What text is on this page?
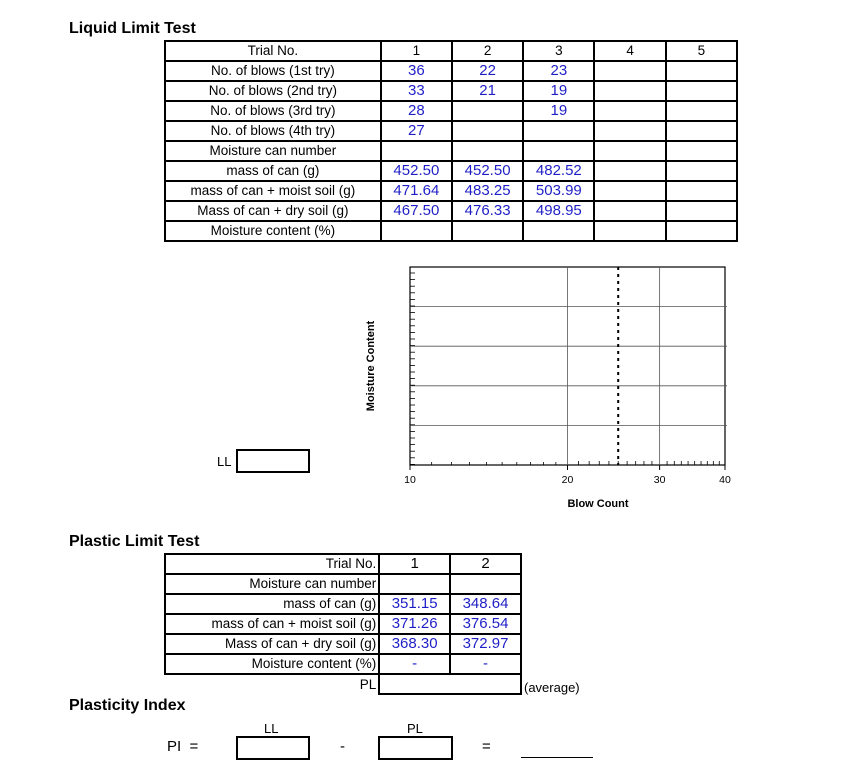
Liquid Limit Test
Trial No.	1	2	3	4	5
No. of blows (1st try)	36	22	23		
No. of blows (2nd try)	33	21	19		
No. of blows (3rd try)	28		19		
No. of blows (4th try)	27				
Moisture can number					
mass of can (g)	452.50	452.50	482.52		
mass of can + moist soil (g)	471.64	483.25	503.99		
Mass of can + dry soil (g)	467.50	476.33	498.95		
Moisture content (%)					
LL
10	20	30	40
Blow Count
Moisture Content
Plastic Limit Test
Trial No.	1	2
Moisture can number		
mass of can (g)	351.15	348.64
mass of can + moist soil (g)	371.26	376.54
Mass of can + dry soil (g)	368.30	372.97
Moisture content (%)	-	-
PL			(average)
Plasticity Index
LL	PL
PI  =	-	=
